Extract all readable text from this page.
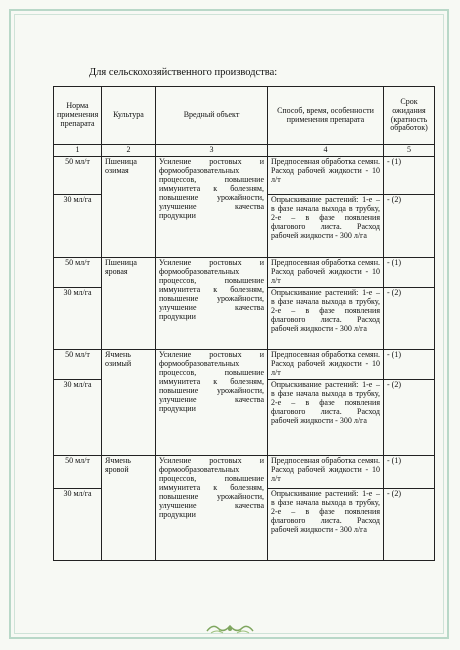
Для сельскохозяйственного производства:
Норма применения препарата	Культура	Вредный объект	Способ, время, особенности применения препарата	Срок ожидания (кратность обработок)
1	2	3	4	5
50 мл/т	Пшеница озимая	Усиление ростовых и формообразовательных процессов, повышение иммунитета к болезням, повышение урожайности, улучшение качества продукции	Предпосевная обработка семян. Расход рабочей жидкости - 10 л/т	- (1)
30 мл/га			Опрыскивание растений: 1-е – в фазе начала выхода в трубку, 2-е – в фазе появления флагового листа. Расход рабочей жидкости - 300 л/га	- (2)
50 мл/т	Пшеница яровая	Усиление ростовых и формообразовательных процессов, повышение иммунитета к болезням, повышение урожайности, улучшение качества продукции	Предпосевная обработка семян. Расход рабочей жидкости - 10 л/т	- (1)
30 мл/га			Опрыскивание растений: 1-е – в фазе начала выхода в трубку, 2-е – в фазе появления флагового листа. Расход рабочей жидкости - 300 л/га	- (2)
50 мл/т	Ячмень озимый	Усиление ростовых и формообразовательных процессов, повышение иммунитета к болезням, повышение урожайности, улучшение качества продукции	Предпосевная обработка семян. Расход рабочей жидкости - 10 л/т	- (1)
30 мл/га			Опрыскивание растений: 1-е – в фазе начала выхода в трубку, 2-е – в фазе появления флагового листа. Расход рабочей жидкости - 300 л/га	- (2)
50 мл/т	Ячмень яровой	Усиление ростовых и формообразовательных процессов, повышение иммунитета к болезням, повышение урожайности, улучшение качества продукции	Предпосевная обработка семян. Расход рабочей жидкости - 10 л/т	- (1)
30 мл/га			Опрыскивание растений: 1-е – в фазе начала выхода в трубку, 2-е – в фазе появления флагового листа. Расход рабочей жидкости - 300 л/га	- (2)
